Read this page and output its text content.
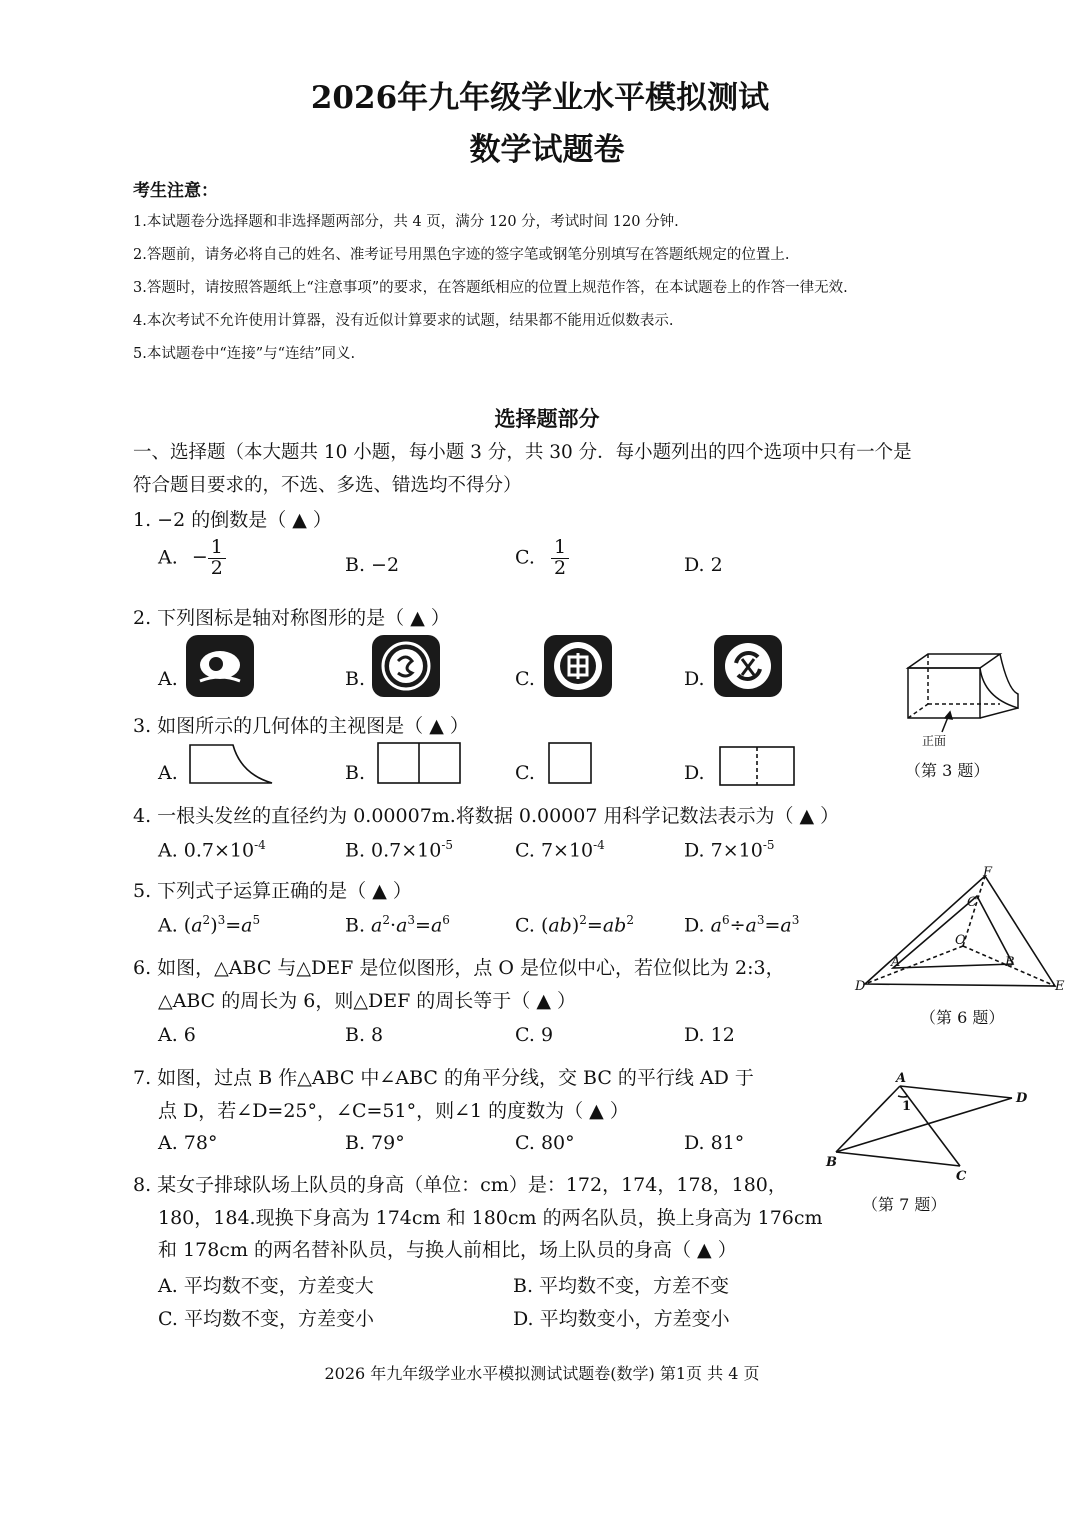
2026年九年级学业水平模拟测试
数学试题卷
考生注意：
1.本试题卷分选择题和非选择题两部分，共 4 页，满分 120 分，考试时间 120 分钟.
2.答题前，请务必将自己的姓名、准考证号用黑色字迹的签字笔或钢笔分别填写在答题纸规定的位置上.
3.答题时，请按照答题纸上“注意事项”的要求，在答题纸相应的位置上规范作答，在本试题卷上的作答一律无效.
4.本次考试不允许使用计算器，没有近似计算要求的试题，结果都不能用近似数表示.
5.本试题卷中“连接”与“连结”同义.
选择题部分
一、选择题（本大题共 10 小题，每小题 3 分，共 30 分．每小题列出的四个选项中只有一个是
符合题目要求的，不选、多选、错选均不得分）
1. −2 的倒数是（ ▲ ）
A. − $\frac{1}{2}$	B. −2	C. $\frac{1}{2}$	D. 2
2. 下列图标是轴对称图形的是（ ▲ ）
A.	B.	C.	D.
正面
（第 3 题）
3. 如图所示的几何体的主视图是（ ▲ ）
A.	B.	C.	D.
4. 一根头发丝的直径约为 0.00007m.将数据 0.00007 用科学记数法表示为（ ▲ ）
A. $0.7\times 10^{-4}$	B. $0.7\times 10^{-5}$	C. $7\times 10^{-4}$	D. $7\times 10^{-5}$
5. 下列式子运算正确的是（ ▲ ）
A. $(a^2)^3=a^5$	B. $a^2\cdot a^3=a^6$	C. $(ab)^2=ab^2$	D. $a^6\div a^3=a^3$
F
C
O
A	B
D	E
（第 6 题）
6. 如图，△ABC 与△DEF 是位似图形，点 O 是位似中心，若位似比为 2:3，
△ABC 的周长为 6，则△DEF 的周长等于（ ▲ ）
A. 6	B. 8	C. 9	D. 12
A
D
B
C
1
（第 7 题）
7. 如图，过点 B 作△ABC 中∠ABC 的角平分线，交 BC 的平行线 AD 于
点 D，若∠D=25°，∠C=51°，则∠1 的度数为（ ▲ ）
A. 78°	B. 79°	C. 80°	D. 81°
8. 某女子排球队场上队员的身高（单位：cm）是：172，174，178，180，
180，184.现换下身高为 174cm 和 180cm 的两名队员，换上身高为 176cm
和 178cm 的两名替补队员，与换人前相比，场上队员的身高（ ▲ ）
A. 平均数不变，方差变大	B. 平均数不变，方差不变
C. 平均数不变，方差变小	D. 平均数变小，方差变小
2026 年九年级学业水平模拟测试试题卷(数学) 第1页 共 4 页
